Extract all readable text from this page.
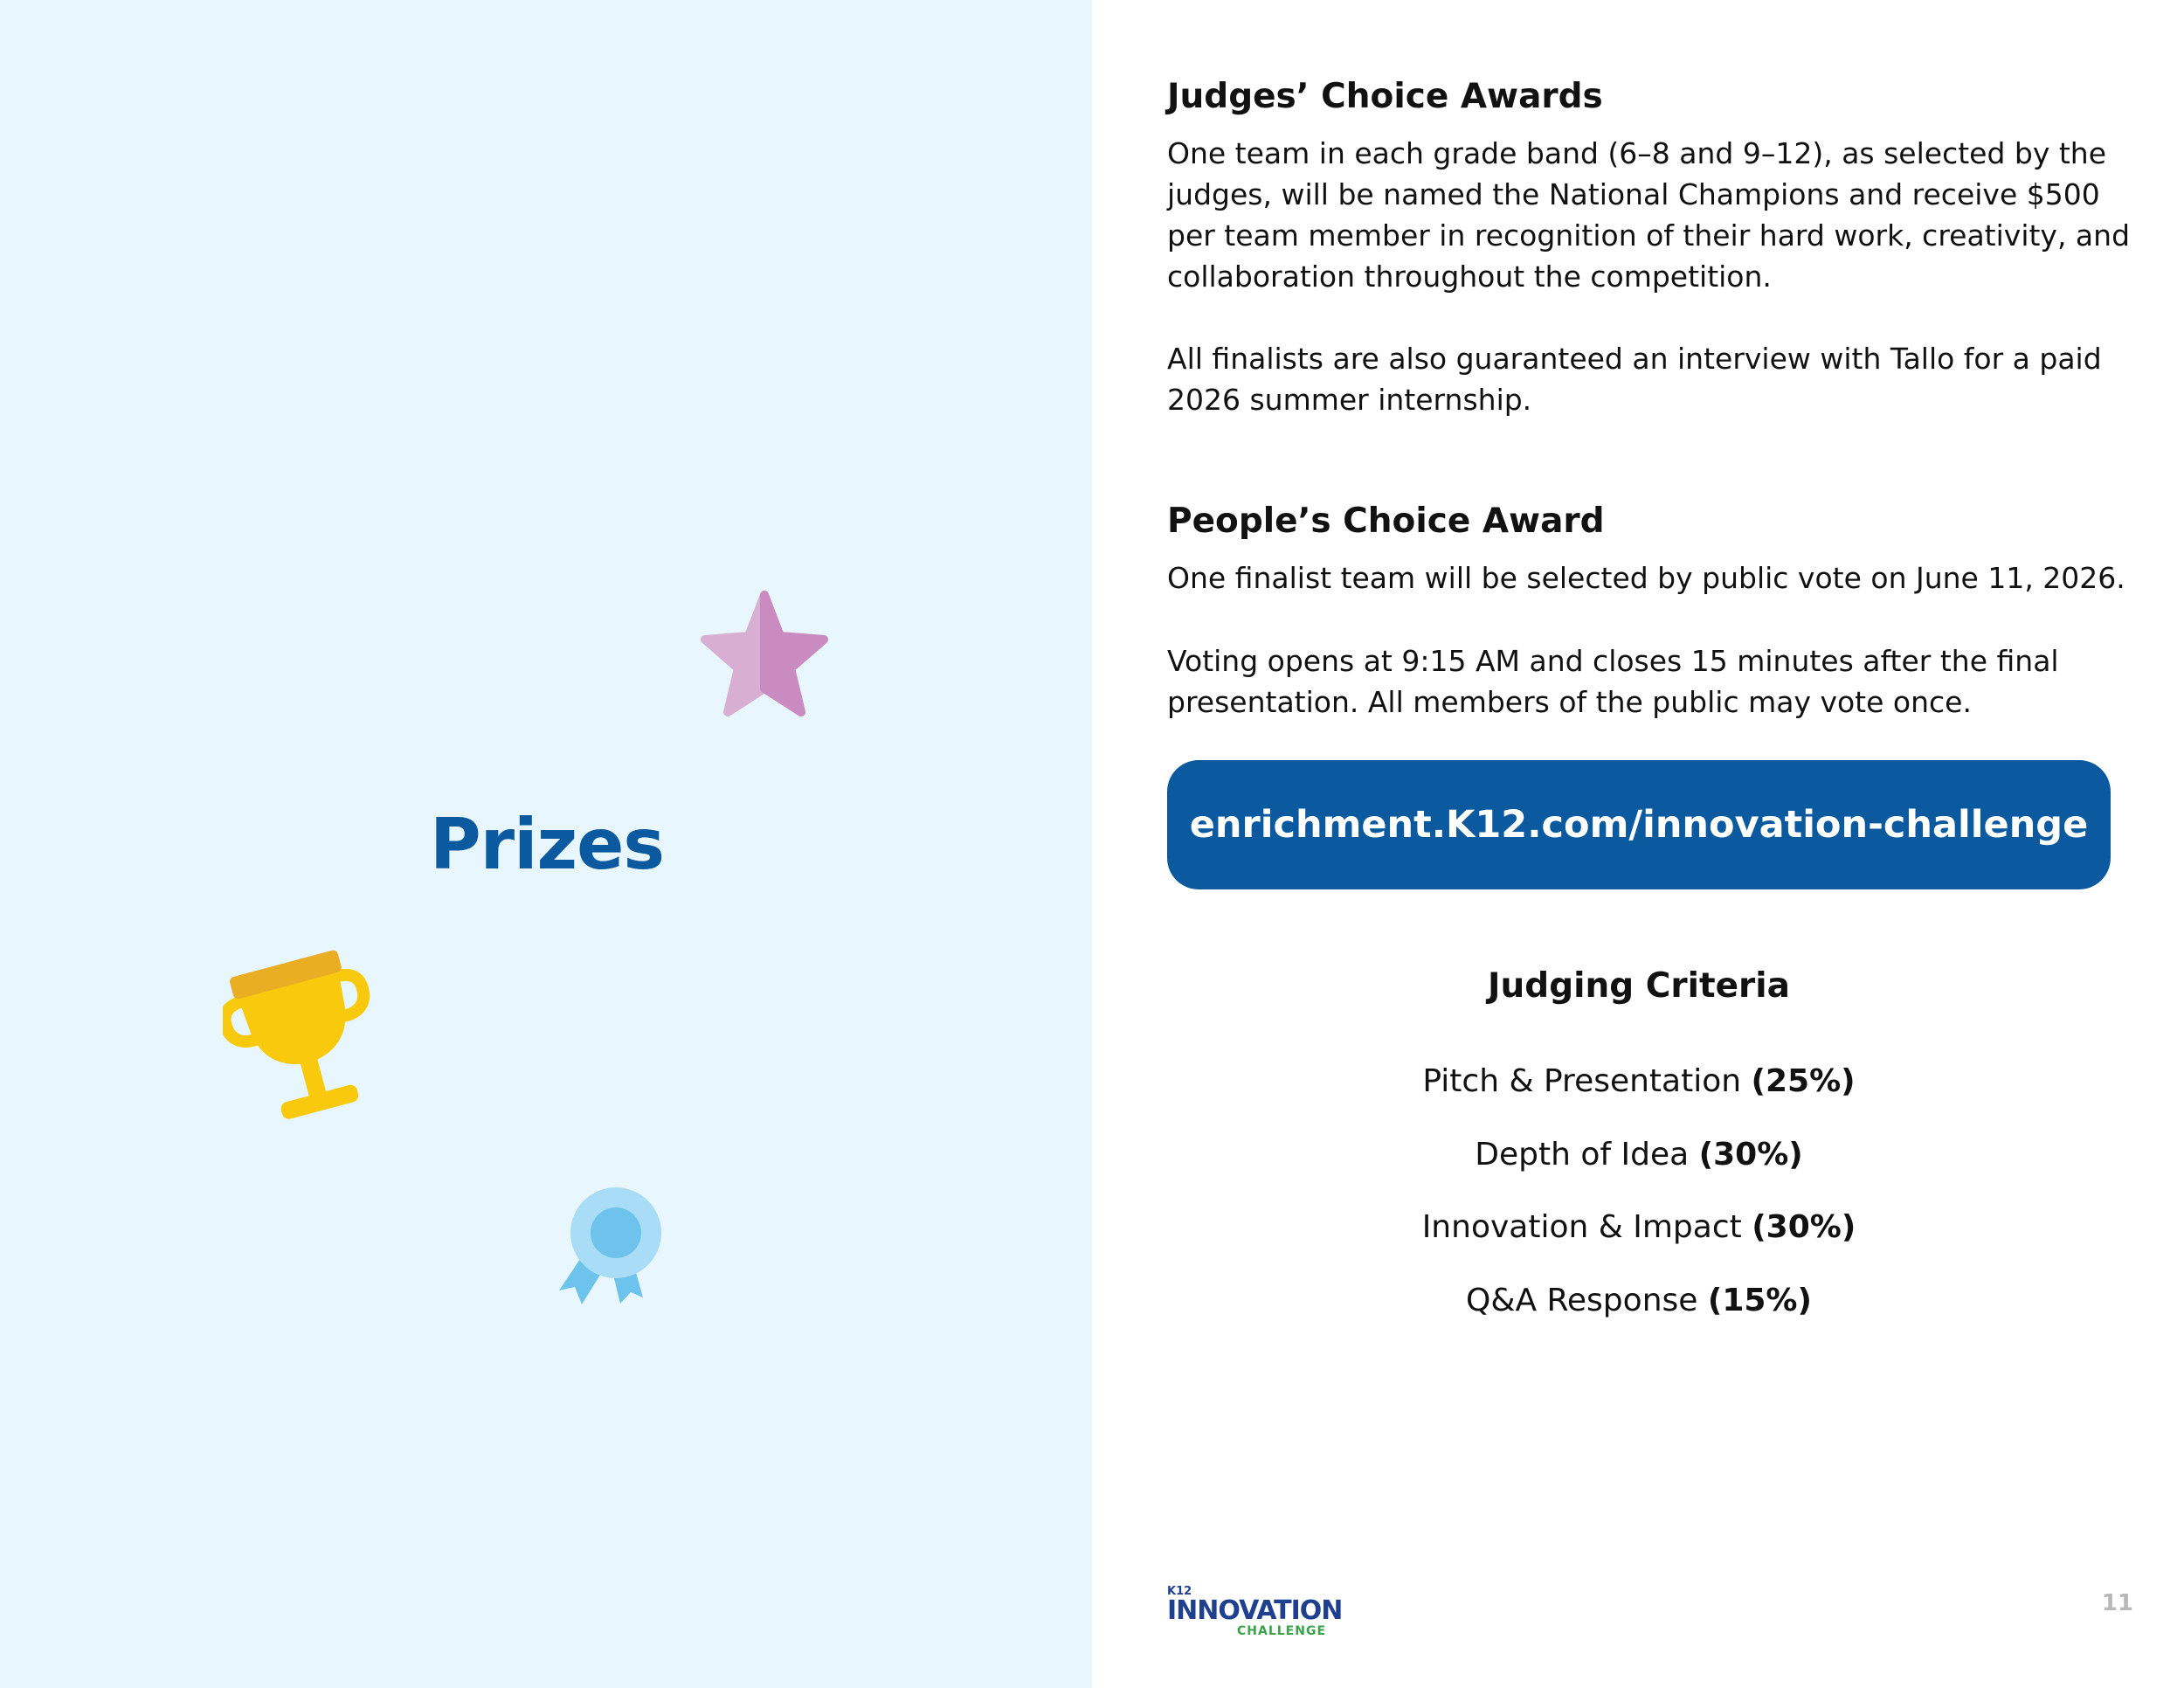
Prizes
Judges’ Choice Awards

One team in each grade band (6–8 and 9–12), as selected by the judges, will be named the National Champions and receive $500 per team member in recognition of their hard work, creativity, and collaboration throughout the competition.

All finalists are also guaranteed an interview with Tallo for a paid 2026 summer internship.

People’s Choice Award

One finalist team will be selected by public vote on June 11, 2026.

Voting opens at 9:15 AM and closes 15 minutes after the final presentation. All members of the public may vote once.

enrichment.K12.com/innovation-challenge
Judging Criteria
Pitch & Presentation (25%)
Depth of Idea (30%)
Innovation & Impact (30%)
Q&A Response (15%)
K12
INNOVATION
CHALLENGE
11
